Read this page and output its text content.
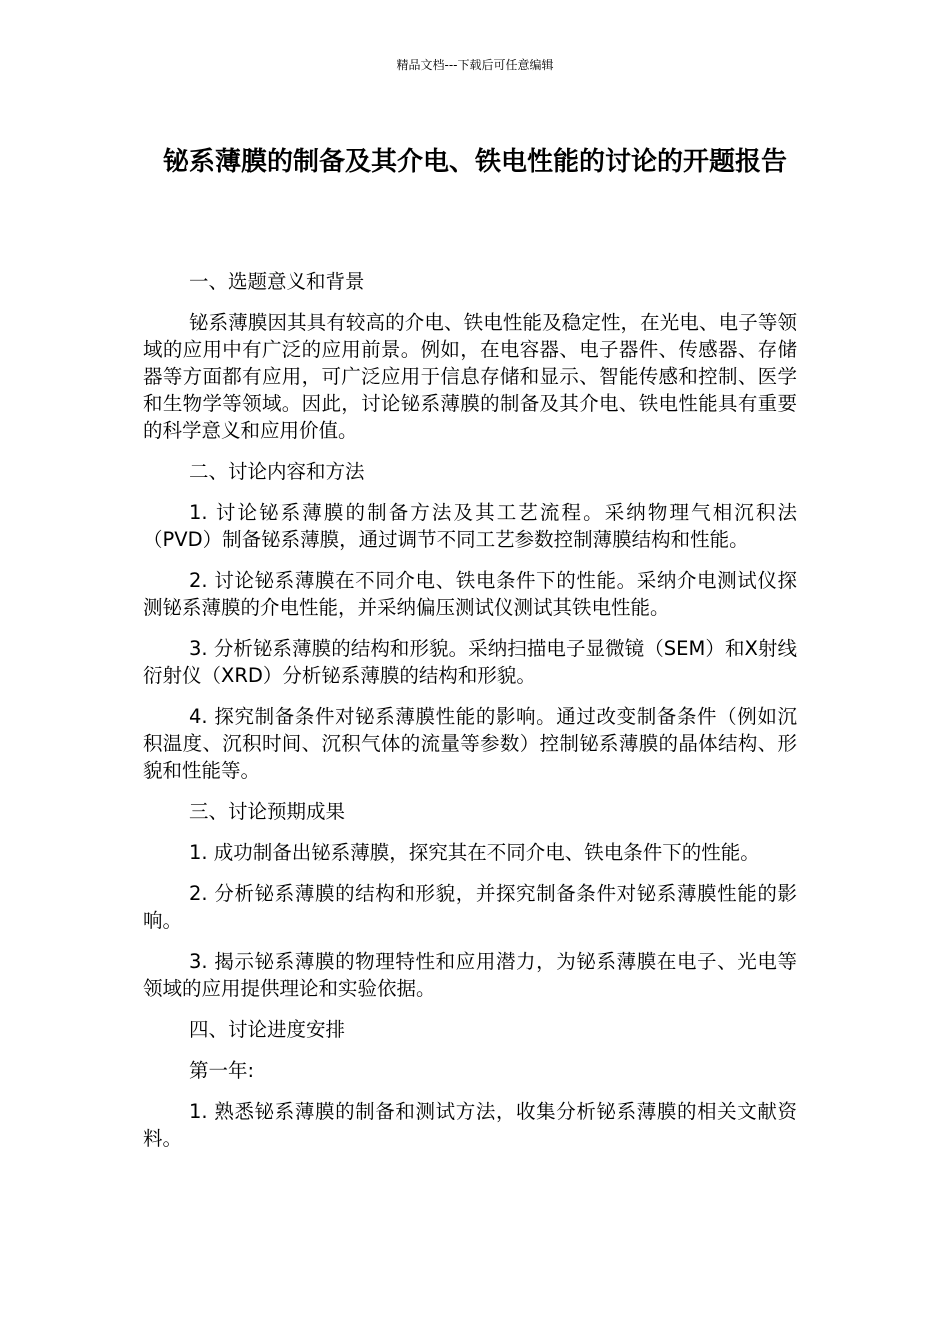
精品文档---下载后可任意编辑
铋系薄膜的制备及其介电、铁电性能的讨论的开题报告

一、选题意义和背景

铋系薄膜因其具有较高的介电、铁电性能及稳定性，在光电、电子等领域的应用中有广泛的应用前景。例如，在电容器、电子器件、传感器、存储器等方面都有应用，可广泛应用于信息存储和显示、智能传感和控制、医学和生物学等领域。因此，讨论铋系薄膜的制备及其介电、铁电性能具有重要的科学意义和应用价值。

二、讨论内容和方法

1. 讨论铋系薄膜的制备方法及其工艺流程。采纳物理气相沉积法（PVD）制备铋系薄膜，通过调节不同工艺参数控制薄膜结构和性能。

2. 讨论铋系薄膜在不同介电、铁电条件下的性能。采纳介电测试仪探测铋系薄膜的介电性能，并采纳偏压测试仪测试其铁电性能。

3. 分析铋系薄膜的结构和形貌。采纳扫描电子显微镜（SEM）和X射线衍射仪（XRD）分析铋系薄膜的结构和形貌。

4. 探究制备条件对铋系薄膜性能的影响。通过改变制备条件（例如沉积温度、沉积时间、沉积气体的流量等参数）控制铋系薄膜的晶体结构、形貌和性能等。

三、讨论预期成果

1. 成功制备出铋系薄膜，探究其在不同介电、铁电条件下的性能。

2. 分析铋系薄膜的结构和形貌，并探究制备条件对铋系薄膜性能的影响。

3. 揭示铋系薄膜的物理特性和应用潜力，为铋系薄膜在电子、光电等领域的应用提供理论和实验依据。

四、讨论进度安排

第一年:

1. 熟悉铋系薄膜的制备和测试方法，收集分析铋系薄膜的相关文献资料。
